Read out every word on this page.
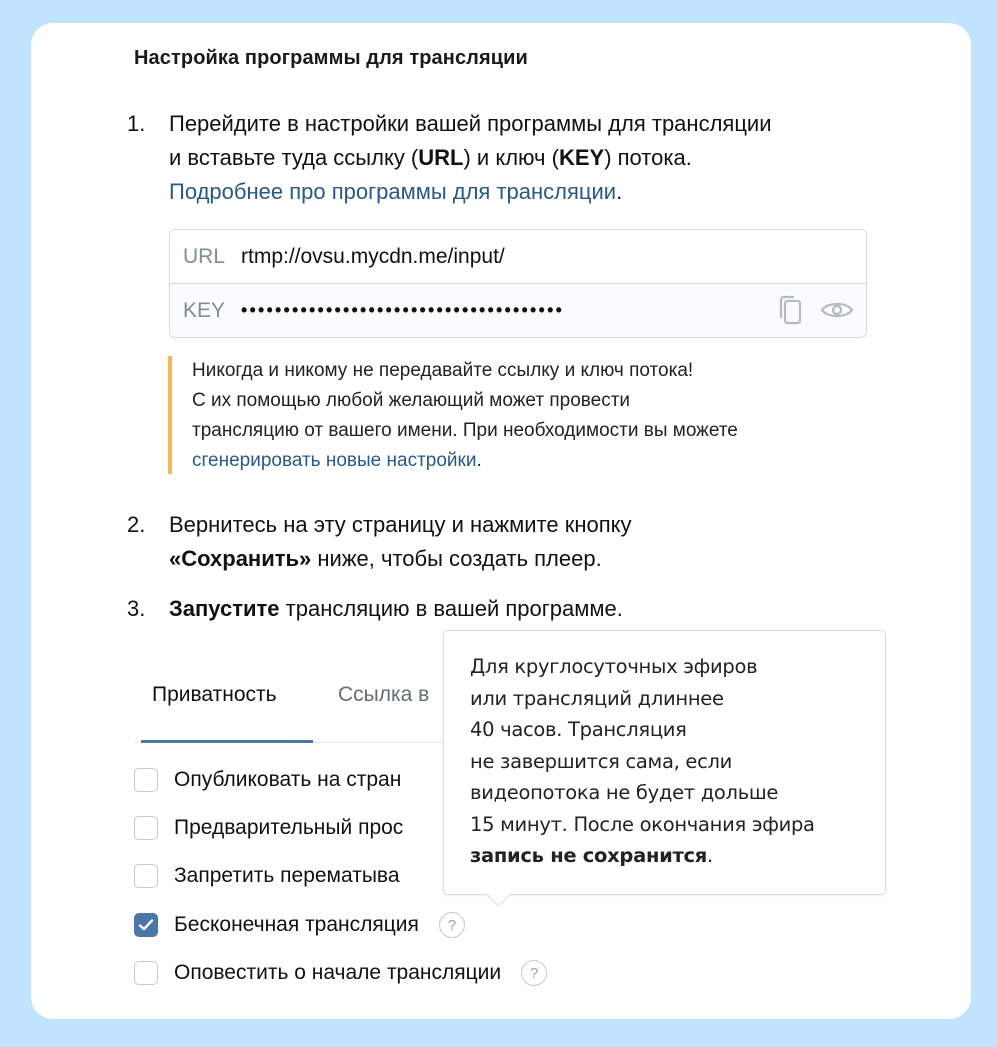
Настройка программы для трансляции
1.	Перейдите в настройки вашей программы для трансляции
и вставьте туда ссылку (URL) и ключ (KEY) потока.
Подробнее про программы для трансляции.
URL rtmp://ovsu.mycdn.me/input/
KEY ••••••••••••••••••••••••••••••••••••••
Никогда и никому не передавайте ссылку и ключ потока!
С их помощью любой желающий может провести
трансляцию от вашего имени. При необходимости вы можете
сгенерировать новые настройки.
2.	Вернитесь на эту страницу и нажмите кнопку
«Сохранить» ниже, чтобы создать плеер.
3.	Запустите трансляцию в вашей программе.
Приватность	Ссылка в
Опубликовать на стран
Предварительный прос
Запретить перематыва
Бесконечная трансляция	?
Оповестить о начале трансляции	?
Для круглосуточных эфиров
или трансляций длиннее
40 часов. Трансляция
не завершится сама, если
видеопотока не будет дольше
15 минут. После окончания эфира
запись не сохранится.
